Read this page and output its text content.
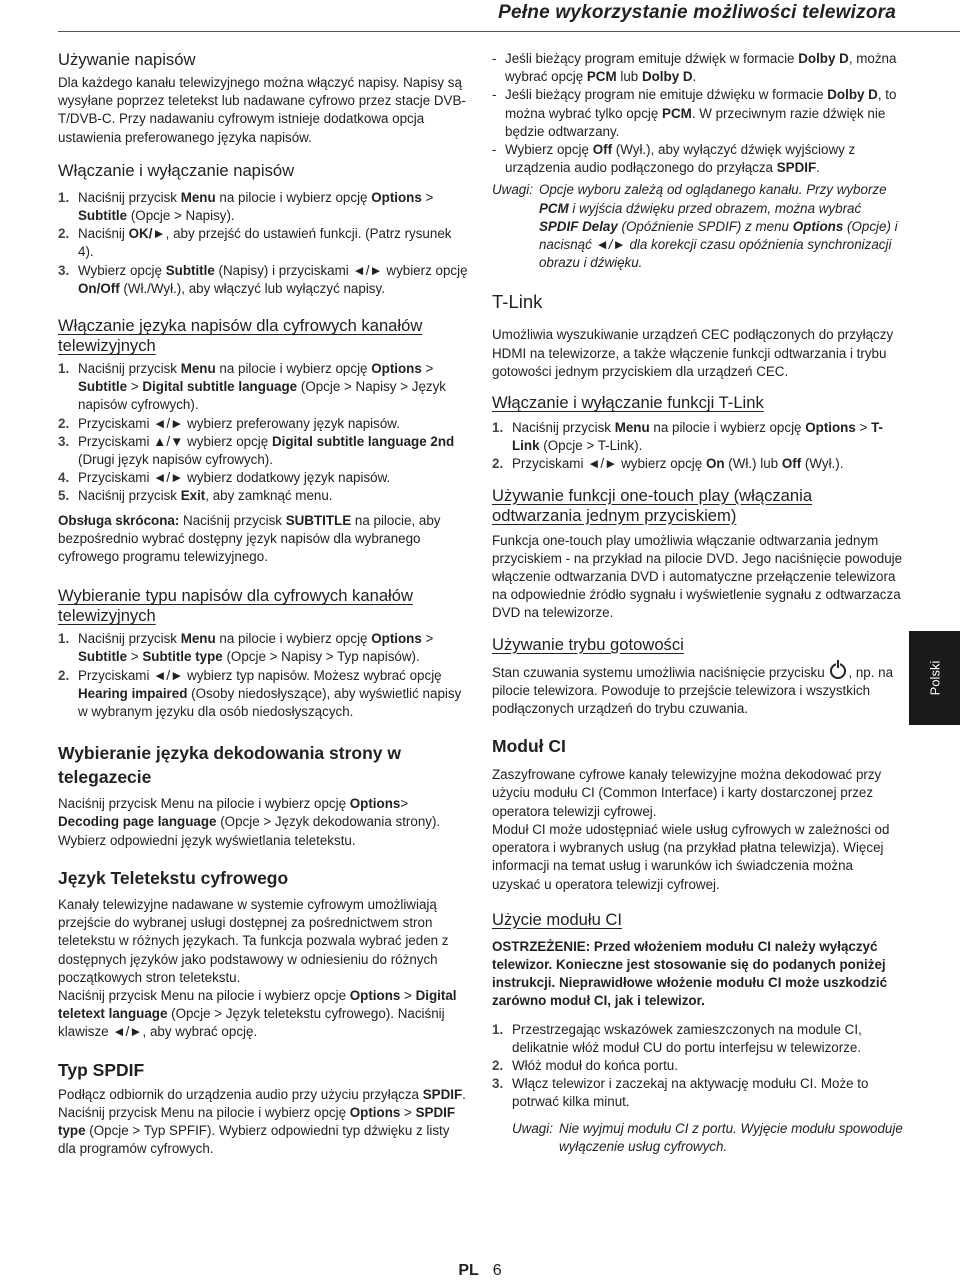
Pełne wykorzystanie możliwości telewizora
Używanie napisów

Dla każdego kanału telewizyjnego można włączyć napisy. Napisy są wysyłane poprzez teletekst lub nadawane cyfrowo przez stacje DVB-T/DVB-C. Przy nadawaniu cyfrowym istnieje dodatkowa opcja ustawienia preferowanego języka napisów.

Włączanie i wyłączanie napisów
1. Naciśnij przycisk Menu na pilocie i wybierz opcję Options > Subtitle (Opcje > Napisy).
2. Naciśnij OK/►, aby przejść do ustawień funkcji. (Patrz rysunek 4).
3. Wybierz opcję Subtitle (Napisy) i przyciskami ◄/► wybierz opcję On/Off (Wł./Wył.), aby włączyć lub wyłączyć napisy.
Włączanie języka napisów dla cyfrowych kanałów telewizyjnych
1. Naciśnij przycisk Menu na pilocie i wybierz opcję Options > Subtitle > Digital subtitle language (Opcje > Napisy > Język napisów cyfrowych).
2. Przyciskami ◄/► wybierz preferowany język napisów.
3. Przyciskami ▲/▼ wybierz opcję Digital subtitle language 2nd (Drugi język napisów cyfrowych).
4. Przyciskami ◄/► wybierz dodatkowy język napisów.
5. Naciśnij przycisk Exit, aby zamknąć menu.

Obsługa skrócona: Naciśnij przycisk SUBTITLE na pilocie, aby bezpośrednio wybrać dostępny język napisów dla wybranego cyfrowego programu telewizyjnego.

Wybieranie typu napisów dla cyfrowych kanałów telewizyjnych
1. Naciśnij przycisk Menu na pilocie i wybierz opcję Options > Subtitle > Subtitle type (Opcje > Napisy > Typ napisów).
2. Przyciskami ◄/► wybierz typ napisów. Możesz wybrać opcję Hearing impaired (Osoby niedosłyszące), aby wyświetlić napisy w wybranym języku dla osób niedosłyszących.
Wybieranie języka dekodowania strony w telegazecie

Naciśnij przycisk Menu na pilocie i wybierz opcję Options> Decoding page language (Opcje > Język dekodowania strony). Wybierz odpowiedni język wyświetlania teletekstu.

Język Teletekstu cyfrowego

Kanały telewizyjne nadawane w systemie cyfrowym umożliwiają przejście do wybranej usługi dostępnej za pośrednictwem stron teletekstu w różnych językach. Ta funkcja pozwala wybrać jeden z dostępnych języków jako podstawowy w odniesieniu do różnych początkowych stron teletekstu.

Naciśnij przycisk Menu na pilocie i wybierz opcje Options > Digital teletext language (Opcje > Język teletekstu cyfrowego). Naciśnij klawisze ◄/►, aby wybrać opcję.

Typ SPDIF

Podłącz odbiornik do urządzenia audio przy użyciu przyłącza SPDIF. Naciśnij przycisk Menu na pilocie i wybierz opcję Options > SPDIF type (Opcje > Typ SPFIF). Wybierz odpowiedni typ dźwięku z listy dla programów cyfrowych.

- Jeśli bieżący program emituje dźwięk w formacie Dolby D, można wybrać opcję PCM lub Dolby D.
- Jeśli bieżący program nie emituje dźwięku w formacie Dolby D, to można wybrać tylko opcję PCM. W przeciwnym razie dźwięk nie będzie odtwarzany.
- Wybierz opcję Off (Wył.), aby wyłączyć dźwięk wyjściowy z urządzenia audio podłączonego do przyłącza SPDIF.
Uwagi: Opcje wyboru zależą od oglądanego kanału. Przy wyborze PCM i wyjścia dźwięku przed obrazem, można wybrać SPDIF Delay (Opóźnienie SPDIF) z menu Options (Opcje) i nacisnąć ◄/► dla korekcji czasu opóźnienia synchronizacji obrazu i dźwięku.
T-Link

Umożliwia wyszukiwanie urządzeń CEC podłączonych do przyłączy HDMI na telewizorze, a także włączenie funkcji odtwarzania i trybu gotowości jednym przyciskiem dla urządzeń CEC.

Włączanie i wyłączanie funkcji T-Link
1. Naciśnij przycisk Menu na pilocie i wybierz opcję Options > T-Link (Opcje > T-Link).
2. Przyciskami ◄/► wybierz opcję On (Wł.) lub Off (Wył.).
Używanie funkcji one-touch play (włączania odtwarzania jednym przyciskiem)

Funkcja one-touch play umożliwia włączanie odtwarzania jednym przyciskiem - na przykład na pilocie DVD. Jego naciśnięcie powoduje włączenie odtwarzania DVD i automatyczne przełączenie telewizora na odpowiednie źródło sygnału i wyświetlenie sygnału z odtwarzacza DVD na telewizorze.

Używanie trybu gotowości

Stan czuwania systemu umożliwia naciśnięcie przycisku , np. na pilocie telewizora. Powoduje to przejście telewizora i wszystkich podłączonych urządzeń do trybu czuwania.

Moduł CI

Zaszyfrowane cyfrowe kanały telewizyjne można dekodować przy użyciu modułu CI (Common Interface) i karty dostarczonej przez operatora telewizji cyfrowej.

Moduł CI może udostępniać wiele usług cyfrowych w zależności od operatora i wybranych usług (na przykład płatna telewizja). Więcej informacji na temat usług i warunków ich świadczenia można uzyskać u operatora telewizji cyfrowej.

Użycie modułu CI

OSTRZEŻENIE: Przed włożeniem modułu CI należy wyłączyć telewizor. Konieczne jest stosowanie się do podanych poniżej instrukcji. Nieprawidłowe włożenie modułu CI może uszkodzić zarówno moduł CI, jak i telewizor.

1. Przestrzegając wskazówek zamieszczonych na module CI, delikatnie włóż moduł CU do portu interfejsu w telewizorze.
2. Włóż moduł do końca portu.
3. Włącz telewizor i zaczekaj na aktywację modułu CI. Może to potrwać kilka minut.
Uwagi: Nie wyjmuj modułu CI z portu. Wyjęcie modułu spowoduje wyłączenie usług cyfrowych.
Polski
PL 6
